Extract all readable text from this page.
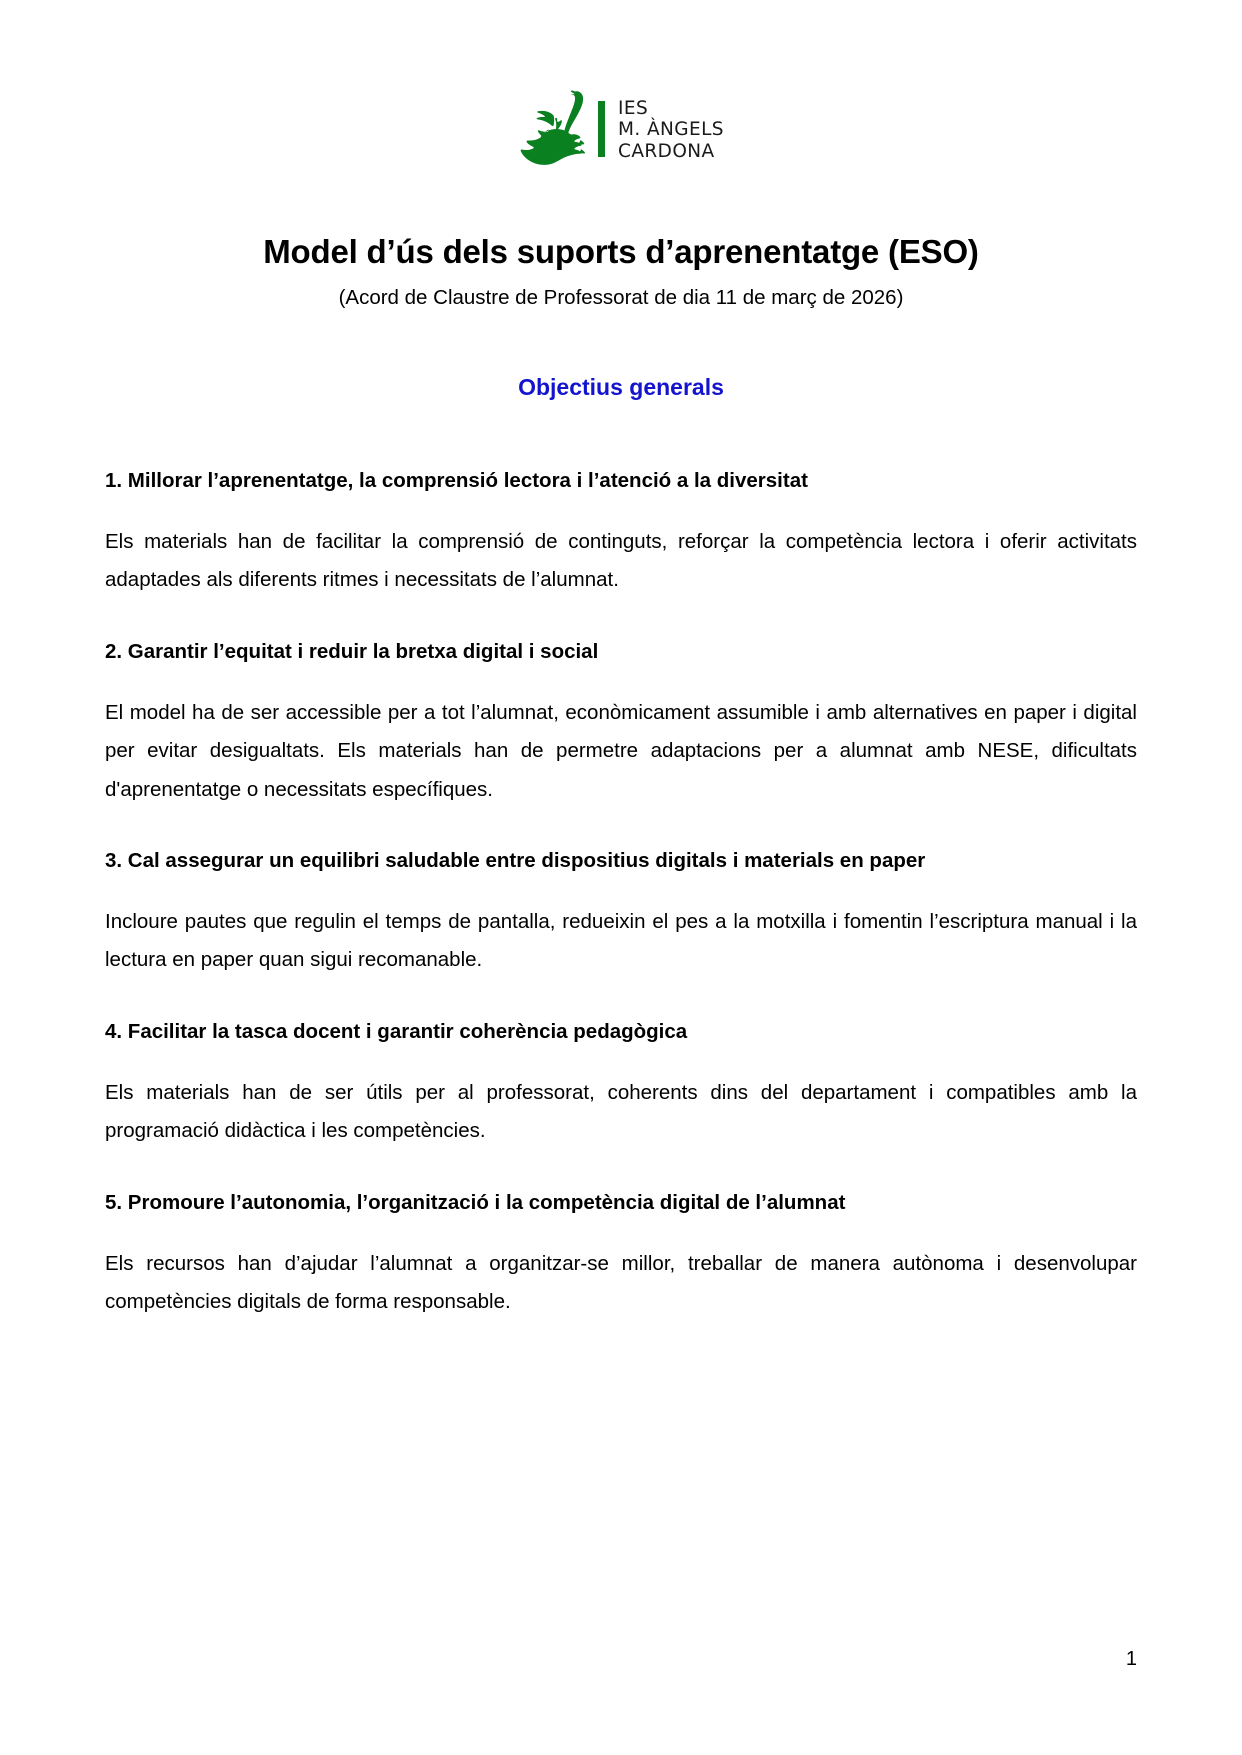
IES
M. ÀNGELS
CARDONA
Model d’ús dels suports d’aprenentatge (ESO)

(Acord de Claustre de Professorat de dia 11 de març de 2026)

Objectius generals
1. Millorar l’aprenentatge, la comprensió lectora i l’atenció a la diversitat

Els materials han de facilitar la comprensió de continguts, reforçar la competència lectora i oferir activitats adaptades als diferents ritmes i necessitats de l’alumnat.

2. Garantir l’equitat i reduir la bretxa digital i social

El model ha de ser accessible per a tot l’alumnat, econòmicament assumible i amb alternatives en paper i digital per evitar desigualtats. Els materials han de permetre adaptacions per a alumnat amb NESE, dificultats d'aprenentatge o necessitats específiques.

3. Cal assegurar un equilibri saludable entre dispositius digitals i materials en paper

Incloure pautes que regulin el temps de pantalla, redueixin el pes a la motxilla i fomentin l’escriptura manual i la lectura en paper quan sigui recomanable.

4. Facilitar la tasca docent i garantir coherència pedagògica

Els materials han de ser útils per al professorat, coherents dins del departament i compatibles amb la programació didàctica i les competències.

5. Promoure l’autonomia, l’organització i la competència digital de l’alumnat

Els recursos han d’ajudar l’alumnat a organitzar-se millor, treballar de manera autònoma i desenvolupar competències digitals de forma responsable.

1
